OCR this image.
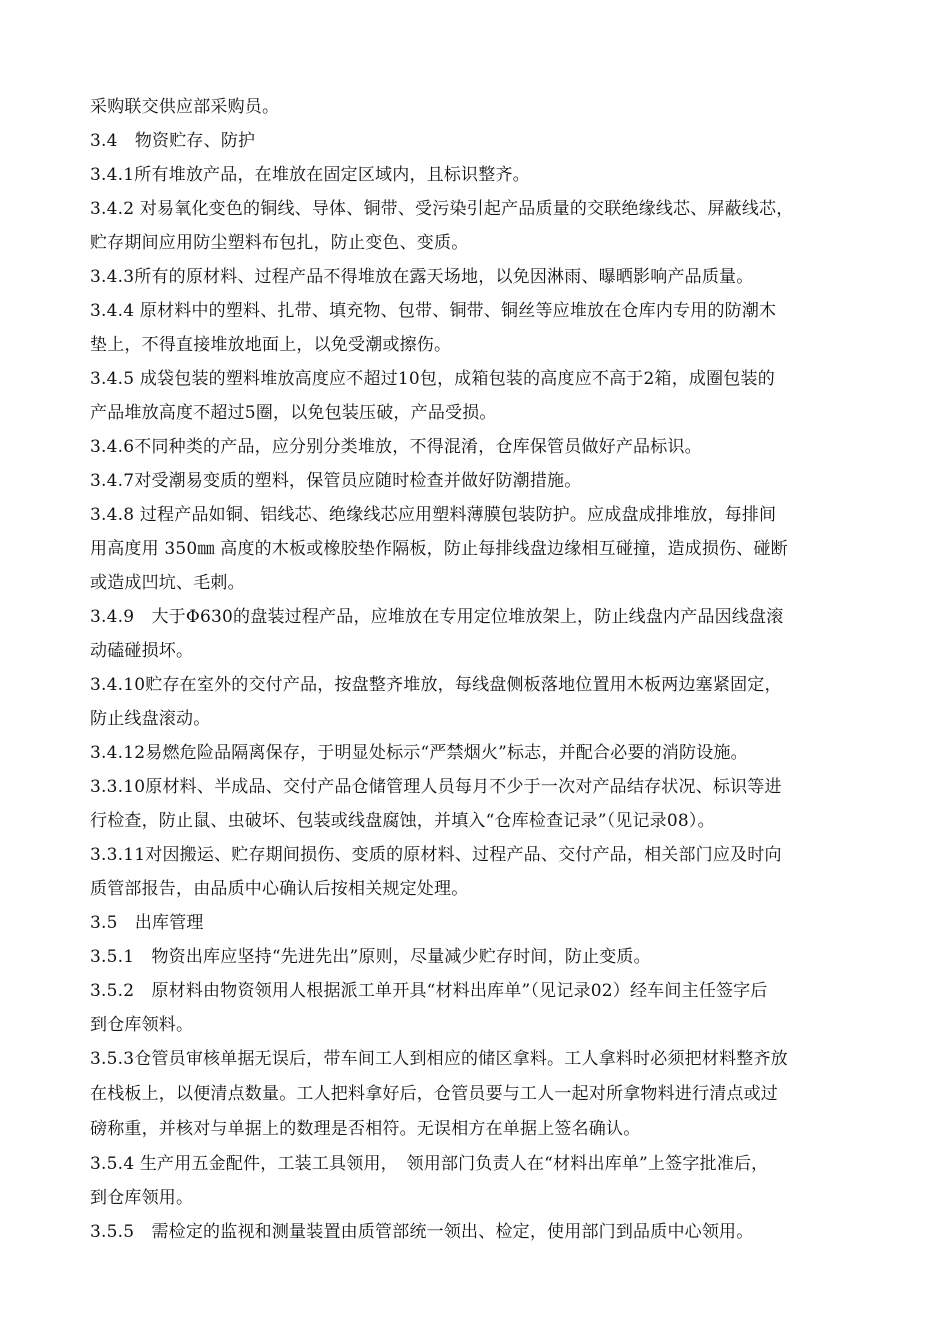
采购联交供应部采购员。
3.4　物资贮存、防护
3.4.1所有堆放产品，在堆放在固定区域内，且标识整齐。
3.4.2 对易氧化变色的铜线、导体、铜带、受污染引起产品质量的交联绝缘线芯、屏蔽线芯，
贮存期间应用防尘塑料布包扎，防止变色、变质。
3.4.3所有的原材料、过程产品不得堆放在露天场地，以免因淋雨、曝晒影响产品质量。
3.4.4 原材料中的塑料、扎带、填充物、包带、铜带、铜丝等应堆放在仓库内专用的防潮木
垫上，不得直接堆放地面上，以免受潮或擦伤。
3.4.5 成袋包装的塑料堆放高度应不超过10包，成箱包装的高度应不高于2箱，成圈包装的
产品堆放高度不超过5圈，以免包装压破，产品受损。
3.4.6不同种类的产品，应分别分类堆放，不得混淆，仓库保管员做好产品标识。
3.4.7对受潮易变质的塑料，保管员应随时检查并做好防潮措施。
3.4.8 过程产品如铜、铝线芯、绝缘线芯应用塑料薄膜包装防护。应成盘成排堆放，每排间
用高度用 350㎜ 高度的木板或橡胶垫作隔板，防止每排线盘边缘相互碰撞，造成损伤、碰断
或造成凹坑、毛刺。
3.4.9　大于Φ630的盘装过程产品，应堆放在专用定位堆放架上，防止线盘内产品因线盘滚
动磕碰损坏。
3.4.10贮存在室外的交付产品，按盘整齐堆放，每线盘侧板落地位置用木板两边塞紧固定，
防止线盘滚动。
3.4.12易燃危险品隔离保存，于明显处标示“严禁烟火”标志，并配合必要的消防设施。
3.3.10原材料、半成品、交付产品仓储管理人员每月不少于一次对产品结存状况、标识等进
行检查，防止鼠、虫破坏、包装或线盘腐蚀，并填入“仓库检查记录”（见记录08）。
3.3.11对因搬运、贮存期间损伤、变质的原材料、过程产品、交付产品，相关部门应及时向
质管部报告，由品质中心确认后按相关规定处理。
3.5　出库管理
3.5.1　物资出库应坚持“先进先出”原则，尽量减少贮存时间，防止变质。
3.5.2　原材料由物资领用人根据派工单开具“材料出库单”（见记录02）经车间主任签字后
到仓库领料。
3.5.3仓管员审核单据无误后，带车间工人到相应的储区拿料。工人拿料时必须把材料整齐放
在栈板上，以便清点数量。工人把料拿好后，仓管员要与工人一起对所拿物料进行清点或过
磅称重，并核对与单据上的数理是否相符。无误相方在单据上签名确认。
3.5.4 生产用五金配件，工装工具领用，　领用部门负责人在“材料出库单”上签字批准后，
到仓库领用。
3.5.5　需检定的监视和测量装置由质管部统一领出、检定，使用部门到品质中心领用。
